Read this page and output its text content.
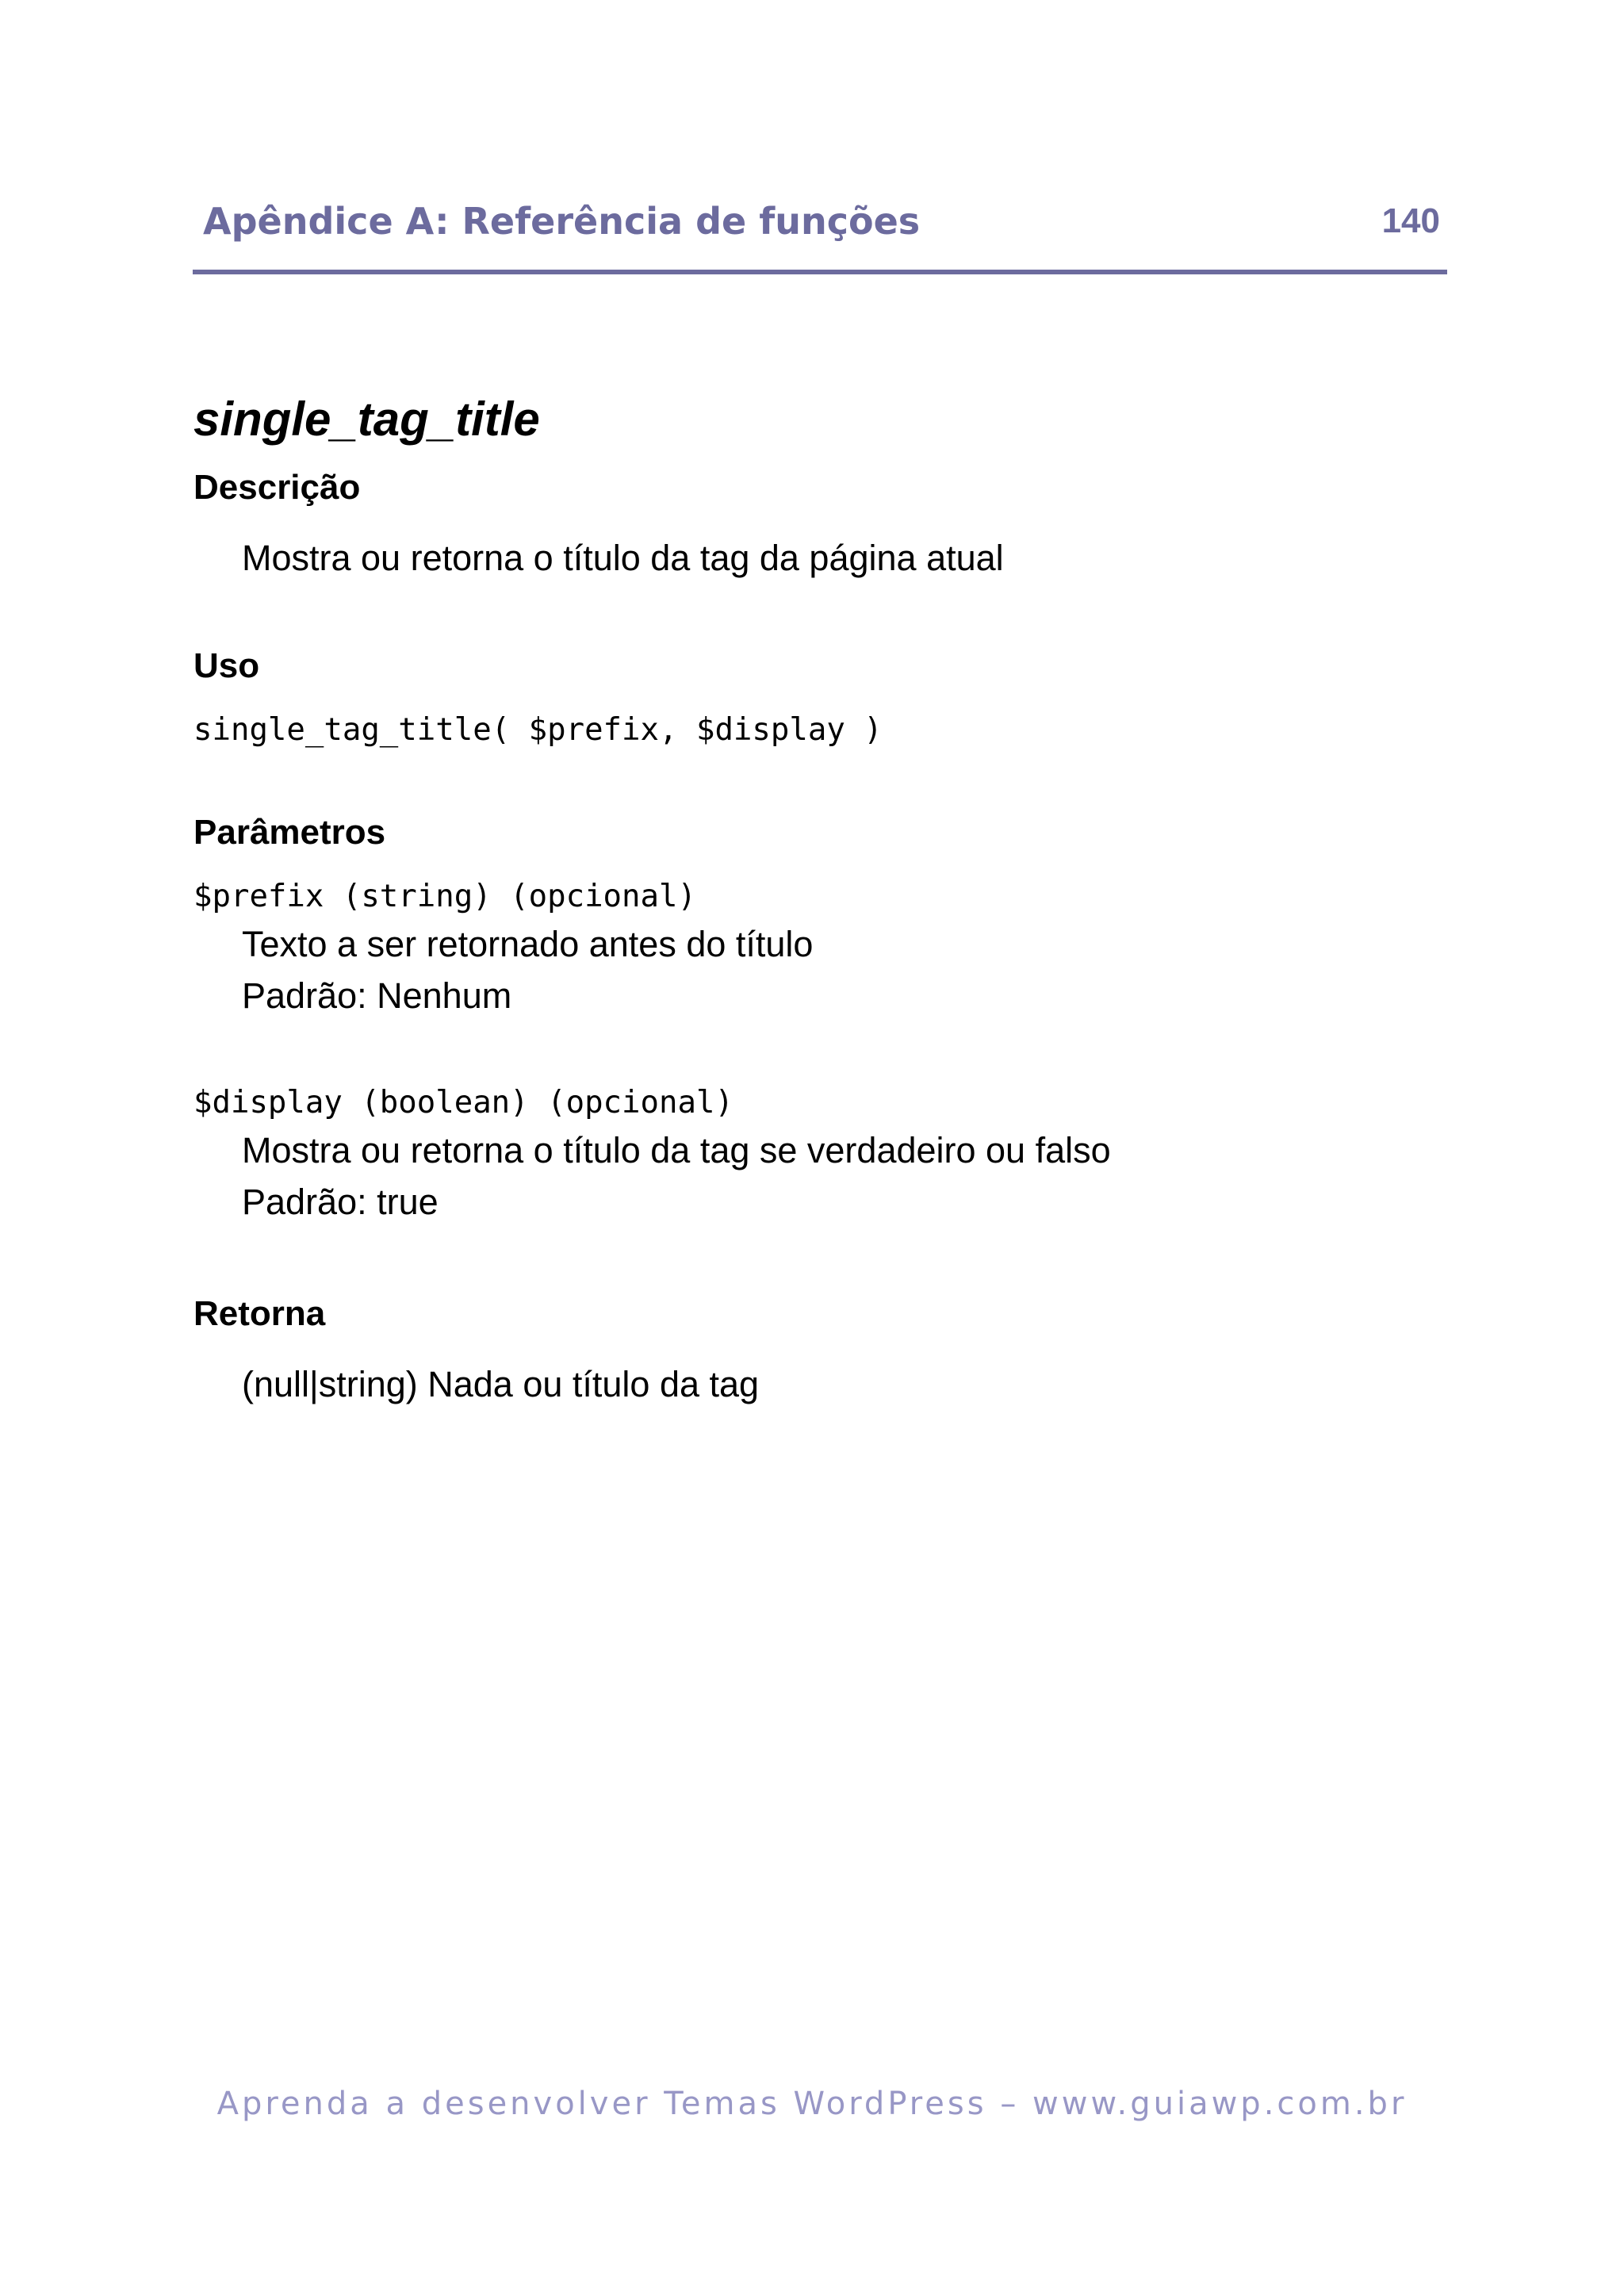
Apêndice A: Referência de funções	140
single_tag_title
Descrição
Mostra ou retorna o título da tag da página atual
Uso
single_tag_title( $prefix, $display )
Parâmetros
$prefix (string) (opcional)
Texto a ser retornado antes do título
Padrão: Nenhum
$display (boolean) (opcional)
Mostra ou retorna o título da tag se verdadeiro ou falso
Padrão: true
Retorna
(null|string) Nada ou título da tag
Aprenda a desenvolver Temas WordPress – www.guiawp.com.br
